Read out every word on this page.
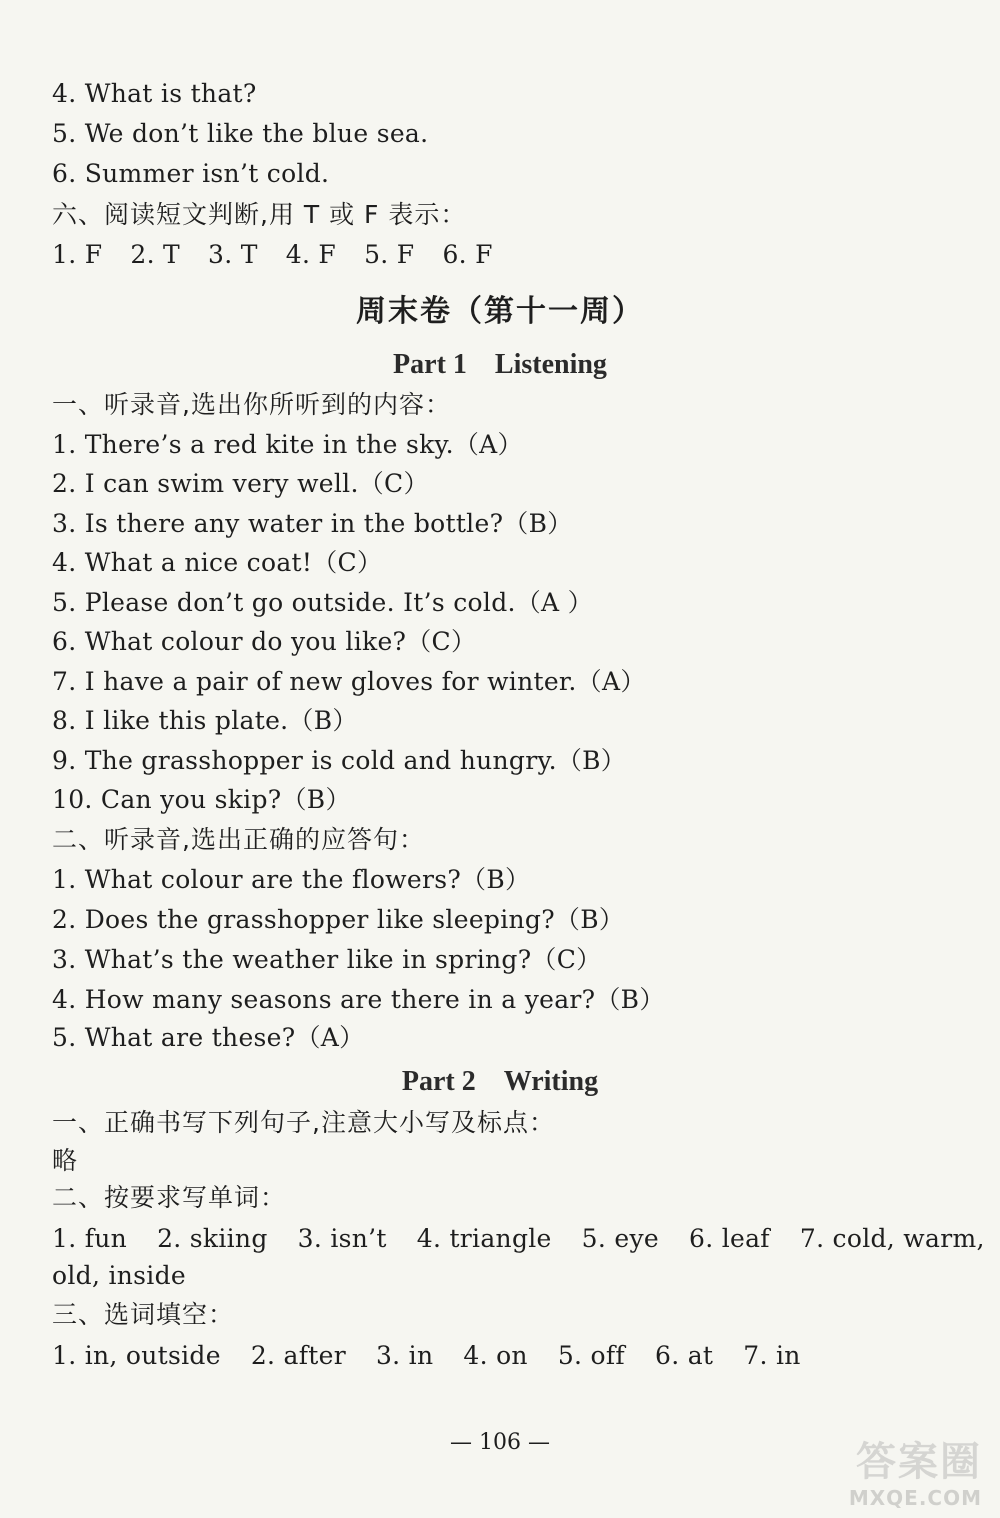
4. What is that?

5. We don’t like the blue sea.

6. Summer isn’t cold.

六、阅读短文判断,用 T 或 F 表示：

1. F 2. T 3. T 4. F 5. F 6. F

周末卷（第十一周）
Part 1 Listening

一、听录音,选出你所听到的内容：

1. There’s a red kite in the sky.（A）

2. I can swim very well.（C）

3. Is there any water in the bottle?（B）

4. What a nice coat!（C）

5. Please don’t go outside. It’s cold.（A ）

6. What colour do you like?（C）

7. I have a pair of new gloves for winter.（A）

8. I like this plate.（B）

9. The grasshopper is cold and hungry.（B）

10. Can you skip?（B）

二、听录音,选出正确的应答句：

1. What colour are the flowers?（B）

2. Does the grasshopper like sleeping?（B）

3. What’s the weather like in spring?（C）

4. How many seasons are there in a year?（B）

5. What are these?（A）

Part 2 Writing

一、正确书写下列句子,注意大小写及标点：

略

二、按要求写单词：

1. fun 2. skiing 3. isn’t 4. triangle 5. eye 6. leaf 7. cold, warm,

old, inside

三、选词填空：

1. in, outside 2. after 3. in 4. on 5. off 6. at 7. in

— 106 —	答案圈
MXQE.COM
